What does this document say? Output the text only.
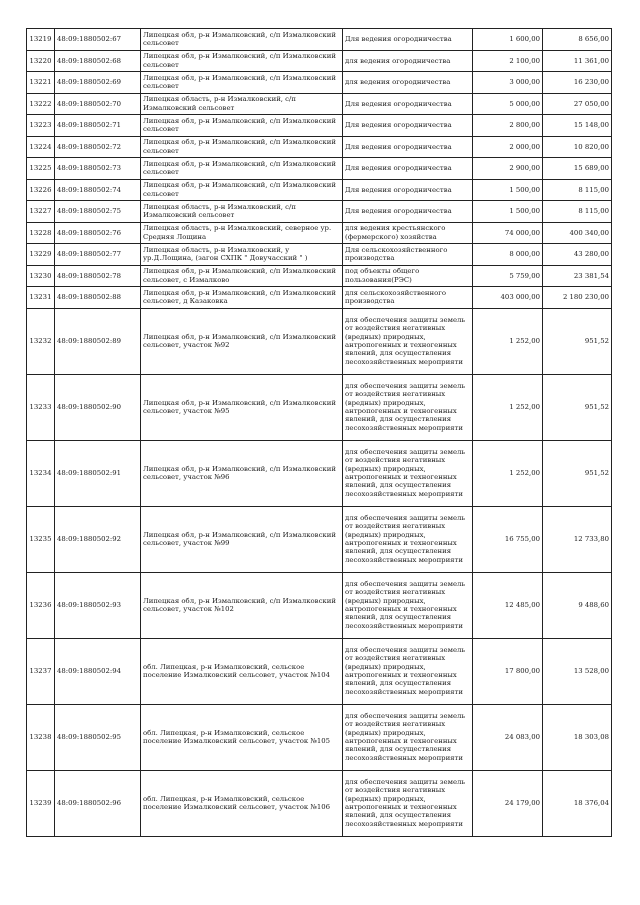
13219	48:09:1880502:67	Липецкая обл, р-н Измалковский, с/п Измалковский сельсовет	Для ведения огородничества	1 600,00	8 656,00
13220	48:09:1880502:68	Липецкая обл, р-н Измалковский, с/п Измалковский сельсовет	для ведения огородничества	2 100,00	11 361,00
13221	48:09:1880502:69	Липецкая обл, р-н Измалковский, с/п Измалковский сельсовет	для ведения огородничества	3 000,00	16 230,00
13222	48:09:1880502:70	Липецкая область, р-н Измалковский, с/п Измалковский сельсовет	Для ведения огородничества	5 000,00	27 050,00
13223	48:09:1880502:71	Липецкая обл, р-н Измалковский, с/п Измалковский сельсовет	Для ведения огородничества	2 800,00	15 148,00
13224	48:09:1880502:72	Липецкая обл, р-н Измалковский, с/п Измалковский сельсовет	Для ведения огородничества	2 000,00	10 820,00
13225	48:09:1880502:73	Липецкая обл, р-н Измалковский, с/п Измалковский сельсовет	Для ведения огородничества	2 900,00	15 689,00
13226	48:09:1880502:74	Липецкая обл, р-н Измалковский, с/п Измалковский сельсовет	Для ведения огородничества	1 500,00	8 115,00
13227	48:09:1880502:75	Липецкая область, р-н Измалковский, с/п Измалковский сельсовет	Для ведения огородничества	1 500,00	8 115,00
13228	48:09:1880502:76	Липецкая область, р-н Измалковский, северное ур. Средняя Лощина	для ведения крестьянского (фермерского) хозяйства	74 000,00	400 340,00
13229	48:09:1880502:77	Липецкая область, р-н Измалковский, у ур.Д.Лощина, (загон СХПК " Довучасский " )	Для сельскохозяйственного производства	8 000,00	43 280,00
13230	48:09:1880502:78	Липецкая обл, р-н Измалковский, с/п Измалковский сельсовет, с Измалково	под объекты общего пользования(РЭС)	5 759,00	23 381,54
13231	48:09:1880502:88	Липецкая обл, р-н Измалковский, с/п Измалковский сельсовет, д Казаковка	для сельскохозяйственного производства	403 000,00	2 180 230,00
13232	48:09:1880502:89	Липецкая обл, р-н Измалковский, с/п Измалковский сельсовет, участок №92	для обеспечения защиты земель от воздействия негативных (вредных) природных, антропогенных и техногенных явлений, для осуществления лесохозяйственных мероприяти	1 252,00	951,52
13233	48:09:1880502:90	Липецкая обл, р-н Измалковский, с/п Измалковский сельсовет, участок №95	для обеспечения защиты земель от воздействия негативных (вредных) природных, антропогенных и техногенных явлений, для осуществления лесохозяйственных мероприяти	1 252,00	951,52
13234	48:09:1880502:91	Липецкая обл, р-н Измалковский, с/п Измалковский сельсовет, участок №96	для обеспечения защиты земель от воздействия негативных (вредных) природных, антропогенных и техногенных явлений, для осуществления лесохозяйственных мероприяти	1 252,00	951,52
13235	48:09:1880502:92	Липецкая обл, р-н Измалковский, с/п Измалковский сельсовет, участок №99	для обеспечения защиты земель от воздействия негативных (вредных) природных, антропогенных и техногенных явлений, для осуществления лесохозяйственных мероприяти	16 755,00	12 733,80
13236	48:09:1880502:93	Липецкая обл, р-н Измалковский, с/п Измалковский сельсовет, участок №102	для обеспечения защиты земель от воздействия негативных (вредных) природных, антропогенных и техногенных явлений, для осуществления лесохозяйственных мероприяти	12 485,00	9 488,60
13237	48:09:1880502:94	обл. Липецкая, р-н Измалковский, сельское поселение Измалковский сельсовет, участок №104	для обеспечения защиты земель от воздействия негативных (вредных) природных, антропогенных и техногенных явлений, для осуществления лесохозяйственных мероприяти	17 800,00	13 528,00
13238	48:09:1880502:95	обл. Липецкая, р-н Измалковский, сельское поселение Измалковский сельсовет, участок №105	для обеспечения защиты земель от воздействия негативных (вредных) природных, антропогенных и техногенных явлений, для осуществления лесохозяйственных мероприяти	24 083,00	18 303,08
13239	48:09:1880502:96	обл. Липецкая, р-н Измалковский, сельское поселение Измалковский сельсовет, участок №106	для обеспечения защиты земель от воздействия негативных (вредных) природных, антропогенных и техногенных явлений, для осуществления лесохозяйственных мероприяти	24 179,00	18 376,04
